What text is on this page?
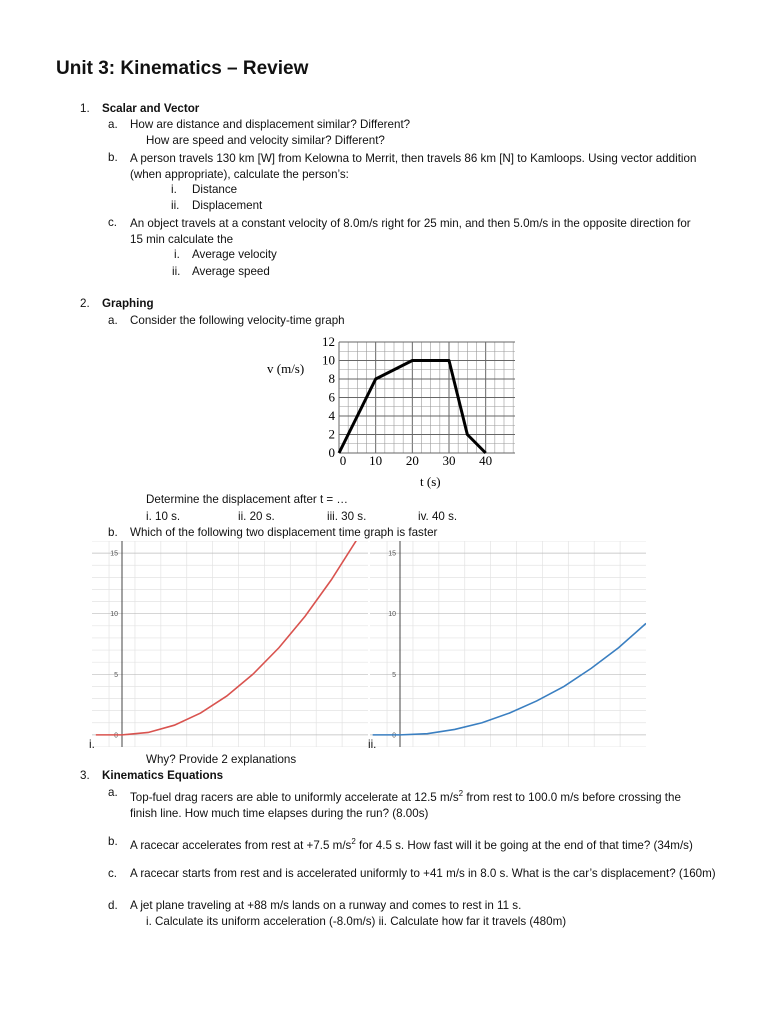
Unit 3: Kinematics – Review
1. Scalar and Vector
a. How are distance and displacement similar? Different?
How are speed and velocity similar? Different?
b. A person travels 130 km [W] from Kelowna to Merrit, then travels 86 km [N] to Kamloops. Using vector addition (when appropriate), calculate the person’s:
i. Distance
ii. Displacement
c. An object travels at a constant velocity of 8.0m/s right for 25 min, and then 5.0m/s in the opposite direction for 15 min calculate the
i. Average velocity
ii. Average speed
2. Graphing
a. Consider the following velocity-time graph
0
2
4
6
8
10
12
0 10 20 30 40
v (m/s)
t (s)
Determine the displacement after t = …
i. 10 s.	ii. 20 s.	iii. 30 s.	iv. 40 s.
b. Which of the following two displacement time graph is faster
0
5
10
15
0
5
10
15
i.	ii.
Why? Provide 2 explanations
3. Kinematics Equations
a. Top-fuel drag racers are able to uniformly accelerate at 12.5 $m/s^2$ from rest to 100.0 m/s before crossing the finish line. How much time elapses during the run? (8.00s)
b. A racecar accelerates from rest at +7.5 $m/s^2$ for 4.5 s. How fast will it be going at the end of that time? (34m/s)
c. A racecar starts from rest and is accelerated uniformly to +41 m/s in 8.0 s. What is the car’s displacement? (160m)
d. A jet plane traveling at +88 m/s lands on a runway and comes to rest in 11 s.
i. Calculate its uniform acceleration (-8.0m/s) ii. Calculate how far it travels (480m)
